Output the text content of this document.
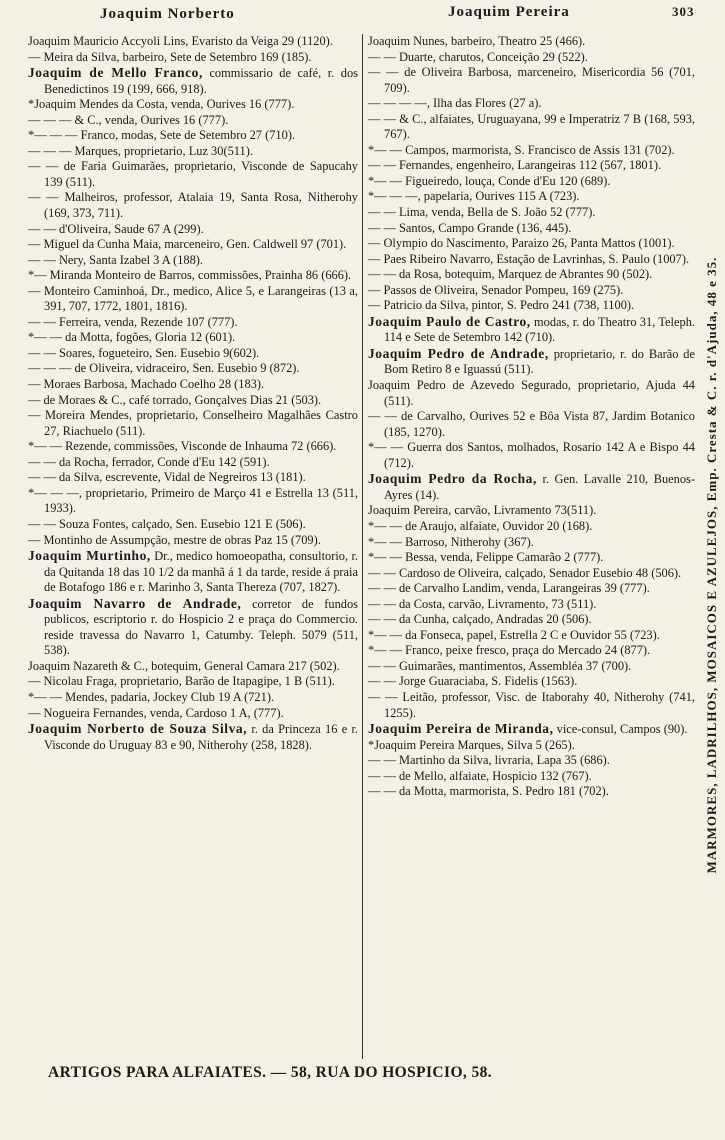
Joaquim Norberto	Joaquim Pereira	303

Joaquim Mauricio Accyoli Lins, Evaristo da Veiga 29 (1120).

— Meira da Silva, barbeiro, Sete de Setembro 169 (185).

Joaquim de Mello Franco, commissario de café, r. dos Benedictinos 19 (199, 666, 918).

*Joaquim Mendes da Costa, venda, Ourives 16 (777).

— — — & C., venda, Ourives 16 (777).

*— — — Franco, modas, Sete de Setembro 27 (710).

— — — Marques, proprietario, Luz 30(511).

— — de Faria Guimarães, proprietario, Visconde de Sapucahy 139 (511).

— — Malheiros, professor, Atalaia 19, Santa Rosa, Nitherohy (169, 373, 711).

— — d'Oliveira, Saude 67 A (299).

— Miguel da Cunha Maia, marceneiro, Gen. Caldwell 97 (701).

— — Nery, Santa Izabel 3 A (188).

*— Miranda Monteiro de Barros, commissões, Prainha 86 (666).

— Monteiro Caminhoá, Dr., medico, Alice 5, e Larangeiras (13 a, 391, 707, 1772, 1801, 1816).

— — Ferreira, venda, Rezende 107 (777).

*— — da Motta, fogões, Gloria 12 (601).

— — Soares, fogueteiro, Sen. Eusebio 9(602).

— — — de Oliveira, vidraceiro, Sen. Eusebio 9 (872).

— Moraes Barbosa, Machado Coelho 28 (183).

— de Moraes & C., café torrado, Gonçalves Dias 21 (503).

— Moreira Mendes, proprietario, Conselheiro Magalhães Castro 27, Riachuelo (511).

*— — Rezende, commissões, Visconde de Inhauma 72 (666).

— — da Rocha, ferrador, Conde d'Eu 142 (591).

— — da Silva, escrevente, Vidal de Negreiros 13 (181).

*— — —, proprietario, Primeiro de Março 41 e Estrella 13 (511, 1933).

— — Souza Fontes, calçado, Sen. Eusebio 121 E (506).

— Montinho de Assumpção, mestre de obras Paz 15 (709).

Joaquim Murtinho, Dr., medico homoeopatha, consultorio, r. da Quitanda 18 das 10 1/2 da manhã á 1 da tarde, reside á praia de Botafogo 186 e r. Marinho 3, Santa Thereza (707, 1827).

Joaquim Navarro de Andrade, corretor de fundos publicos, escriptorio r. do Hospicio 2 e praça do Commercio. reside travessa do Navarro 1, Catumby. Teleph. 5079 (511, 538).

Joaquim Nazareth & C., botequim, General Camara 217 (502).

— Nicolau Fraga, proprietario, Barão de Itapagipe, 1 B (511).

*— — Mendes, padaria, Jockey Club 19 A (721).

— Nogueira Fernandes, venda, Cardoso 1 A, (777).

Joaquim Norberto de Souza Silva, r. da Princeza 16 e r. Visconde do Uruguay 83 e 90, Nitherohy (258, 1828).

Joaquim Nunes, barbeiro, Theatro 25 (466).

— — Duarte, charutos, Conceição 29 (522).

— — de Oliveira Barbosa, marceneiro, Misericordia 56 (701, 709).

— — — —, Ilha das Flores (27 a).

— — & C., alfaiates, Uruguayana, 99 e Imperatriz 7 B (168, 593, 767).

*— — Campos, marmorista, S. Francisco de Assis 131 (702).

— — Fernandes, engenheiro, Larangeiras 112 (567, 1801).

*— — Figueiredo, louça, Conde d'Eu 120 (689).

*— — —, papelaria, Ourives 115 A (723).

— — Lima, venda, Bella de S. João 52 (777).

— — Santos, Campo Grande (136, 445).

— Olympio do Nascimento, Paraizo 26, Panta Mattos (1001).

— Paes Ribeiro Navarro, Estação de Lavrinhas, S. Paulo (1007).

— — da Rosa, botequim, Marquez de Abrantes 90 (502).

— Passos de Oliveira, Senador Pompeu, 169 (275).

— Patricio da Silva, pintor, S. Pedro 241 (738, 1100).

Joaquim Paulo de Castro, modas, r. do Theatro 31, Teleph. 114 e Sete de Setembro 142 (710).

Joaquim Pedro de Andrade, proprietario, r. do Barão de Bom Retiro 8 e Iguassú (511).

Joaquim Pedro de Azevedo Segurado, proprietario, Ajuda 44 (511).

— — de Carvalho, Ourives 52 e Bôa Vista 87, Jardim Botanico (185, 1270).

*— — Guerra dos Santos, molhados, Rosario 142 A e Bispo 44 (712).

Joaquim Pedro da Rocha, r. Gen. Lavalle 210, Buenos-Ayres (14).

Joaquim Pereira, carvão, Livramento 73(511).

*— — de Araujo, alfaiate, Ouvidor 20 (168).

*— — Barroso, Nitherohy (367).

*— — Bessa, venda, Felippe Camarão 2 (777).

— — Cardoso de Oliveira, calçado, Senador Eusebio 48 (506).

— — de Carvalho Landim, venda, Larangeiras 39 (777).

— — da Costa, carvão, Livramento, 73 (511).

— — da Cunha, calçado, Andradas 20 (506).

*— — da Fonseca, papel, Estrella 2 C e Ouvidor 55 (723).

*— — Franco, peixe fresco, praça do Mercado 24 (877).

— — Guimarães, mantimentos, Assembléa 37 (700).

— — Jorge Guaraciaba, S. Fidelis (1563).

— — Leitão, professor, Visc. de Itaborahy 40, Nitherohy (741, 1255).

Joaquim Pereira de Miranda, vice-consul, Campos (90).

*Joaquim Pereira Marques, Silva 5 (265).

— — Martinho da Silva, livraria, Lapa 35 (686).

— — de Mello, alfaiate, Hospicio 132 (767).

— — da Motta, marmorista, S. Pedro 181 (702).	MARMORES, LADRILHOS, MOSAICOS E AZULEJOS, Emp. Cresta & C. r. d'Ajuda, 48 e 35.
ARTIGOS PARA ALFAIATES. — 58, RUA DO HOSPICIO, 58.
